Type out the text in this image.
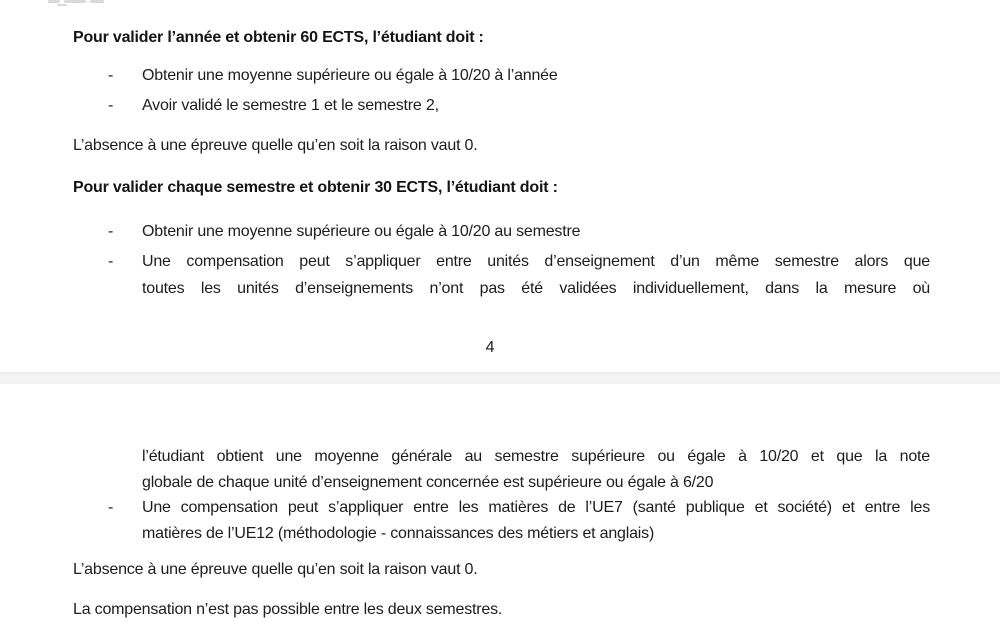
Pour valider l’année et obtenir 60 ECTS, l’étudiant doit :
- Obtenir une moyenne supérieure ou égale à 10/20 à l’année
- Avoir validé le semestre 1 et le semestre 2,
L’absence à une épreuve quelle qu’en soit la raison vaut 0.
Pour valider chaque semestre et obtenir 30 ECTS, l’étudiant doit :
- Obtenir une moyenne supérieure ou égale à 10/20 au semestre
- Une compensation peut s’appliquer entre unités d’enseignement d’un même semestre alors que
toutes les unités d’enseignements n’ont pas été validées individuellement, dans la mesure où
4
l’étudiant obtient une moyenne générale au semestre supérieure ou égale à 10/20 et que la note
globale de chaque unité d’enseignement concernée est supérieure ou égale à 6/20
- Une compensation peut s’appliquer entre les matières de l’UE7 (santé publique et société) et entre les
matières de l’UE12 (méthodologie - connaissances des métiers et anglais)
L’absence à une épreuve quelle qu’en soit la raison vaut 0.
La compensation n’est pas possible entre les deux semestres.
